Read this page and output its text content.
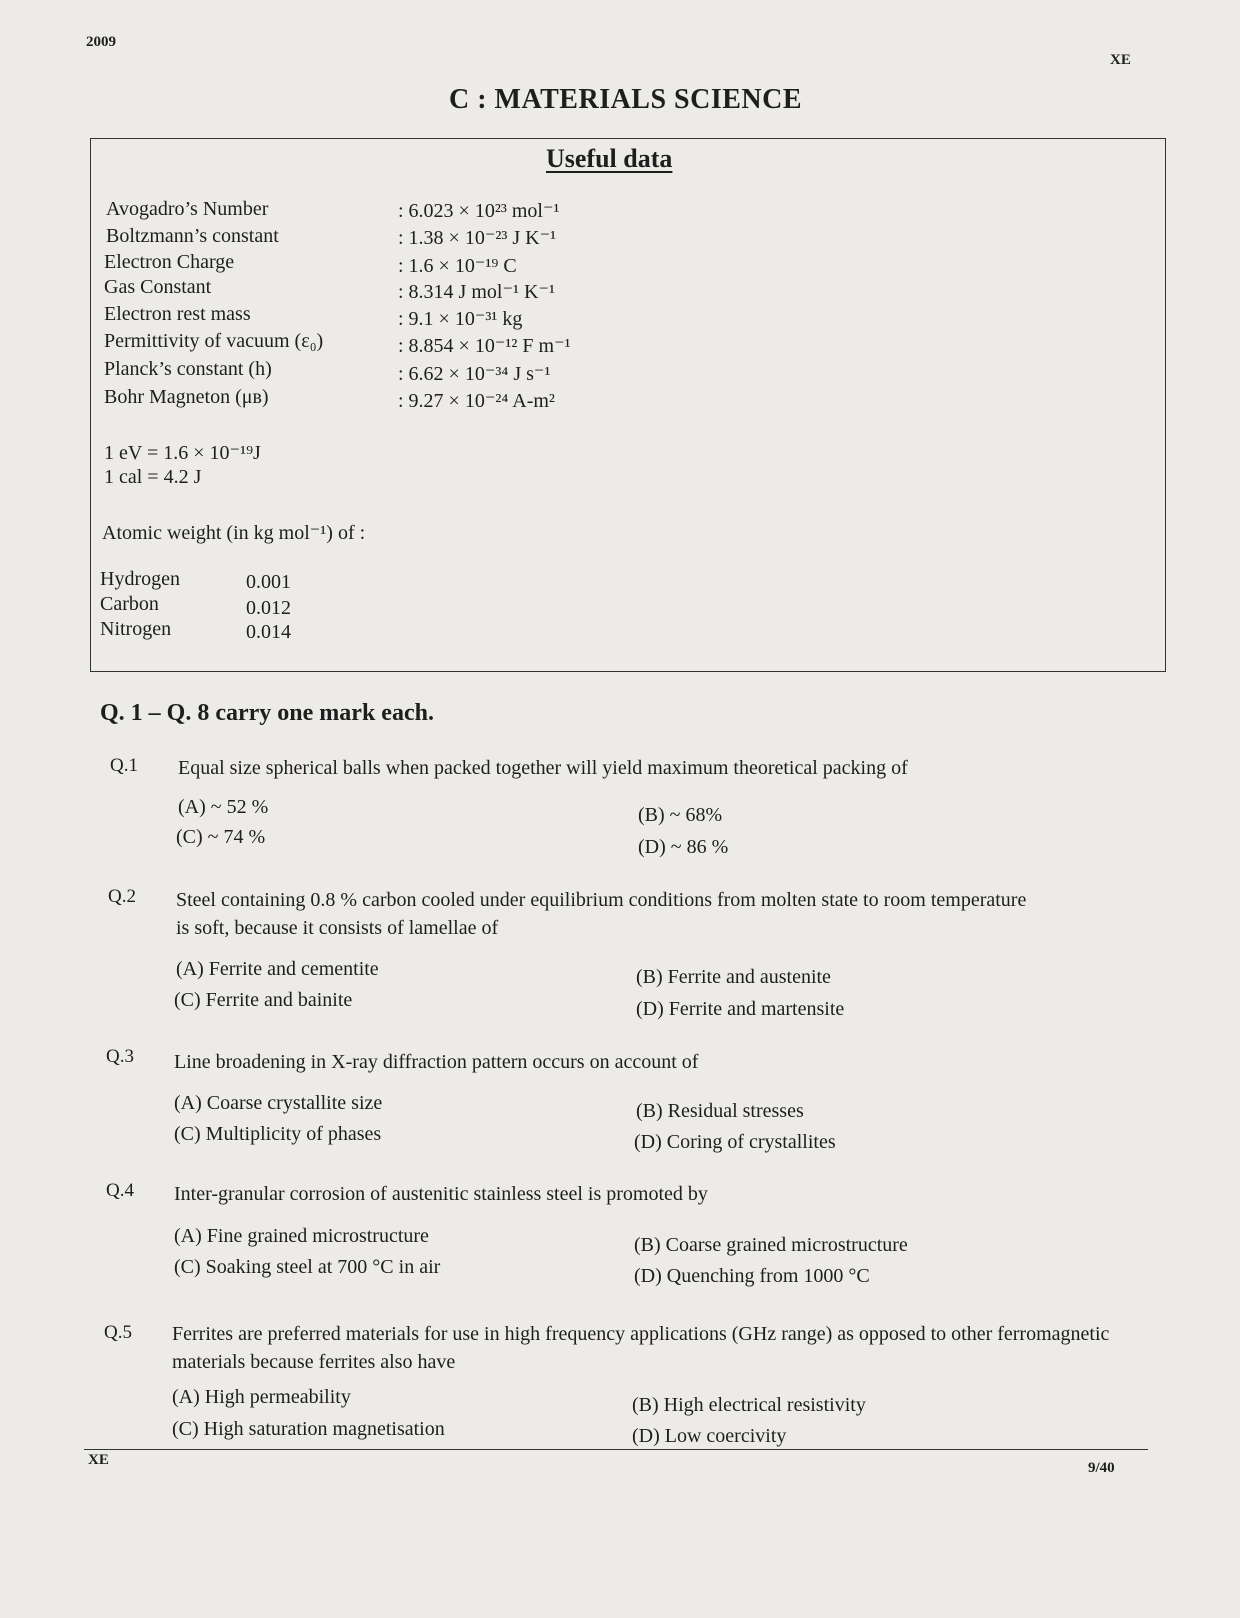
2009
XE
C : MATERIALS SCIENCE
Useful data
Avogadro’s Number	: 6.023 × 10²³ mol⁻¹
Boltzmann’s constant	: 1.38 × 10⁻²³ J K⁻¹
Electron Charge	: 1.6 × 10⁻¹⁹ C
Gas Constant	: 8.314 J mol⁻¹ K⁻¹
Electron rest mass	: 9.1 × 10⁻³¹ kg
Permittivity of vacuum (ε₀)	: 8.854 × 10⁻¹² F m⁻¹
Planck’s constant (h)	: 6.62 × 10⁻³⁴ J s⁻¹
Bohr Magneton (μʙ)	: 9.27 × 10⁻²⁴ A-m²
1 eV = 1.6 × 10⁻¹⁹J
1 cal = 4.2 J
Atomic weight (in kg mol⁻¹) of :
Hydrogen	0.001
Carbon	0.012
Nitrogen	0.014
Q. 1 – Q. 8 carry one mark each.
Q.1 Equal size spherical balls when packed together will yield maximum theoretical packing of
(A) ~ 52 %	(B) ~ 68%
(C) ~ 74 %	(D) ~ 86 %
Q.2 Steel containing 0.8 % carbon cooled under equilibrium conditions from molten state to room temperature is soft, because it consists of lamellae of
(A) Ferrite and cementite	(B) Ferrite and austenite
(C) Ferrite and bainite	(D) Ferrite and martensite
Q.3 Line broadening in X-ray diffraction pattern occurs on account of
(A) Coarse crystallite size	(B) Residual stresses
(C) Multiplicity of phases	(D) Coring of crystallites
Q.4 Inter-granular corrosion of austenitic stainless steel is promoted by
(A) Fine grained microstructure	(B) Coarse grained microstructure
(C) Soaking steel at 700 °C in air	(D) Quenching from 1000 °C
Q.5 Ferrites are preferred materials for use in high frequency applications (GHz range) as opposed to other ferromagnetic materials because ferrites also have
(A) High permeability	(B) High electrical resistivity
(C) High saturation magnetisation	(D) Low coercivity
XE	9/40
